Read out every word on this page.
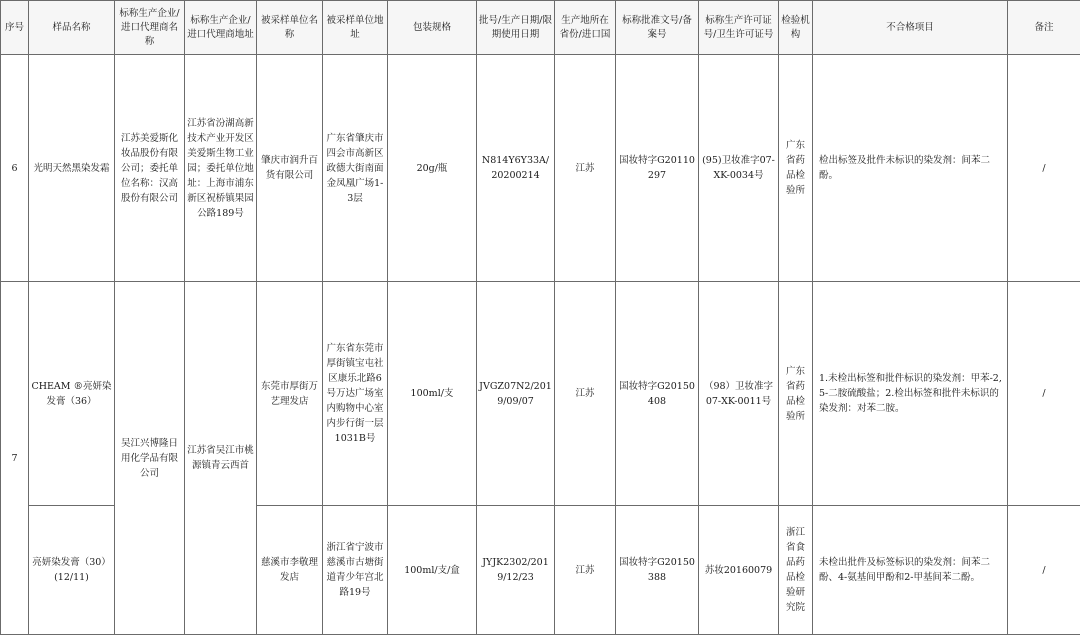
序号	样品名称	标称生产企业/进口代理商名称	标称生产企业/进口代理商地址	被采样单位名称	被采样单位地址	包装规格	批号/生产日期/限期使用日期	生产地所在省份/进口国	标称批准文号/备案号	标称生产许可证号/卫生许可证号	检验机构	不合格项目	备注
6	光明天然黑染发霜	江苏美爱斯化妆品股份有限公司；委托单位名称：汉高股份有限公司	江苏省汾湖高新技术产业开发区美爱斯生物工业园；委托单位地址：上海市浦东新区祝桥镇果园公路189号	肇庆市润升百货有限公司	广东省肇庆市四会市高新区政德大街南面金凤凰广场1-3层	20g/瓶	N814Y6Y33A/20200214	江苏	国妆特字G20110297	(95)卫妆准字07-XK-0034号	广东省药品检验所	检出标签及批件未标识的染发剂：间苯二酚。	/
7	CHEAM ®亮妍染发膏（36）	吴江兴博隆日用化学品有限公司	江苏省吴江市桃源镇青云西首	东莞市厚街万艺理发店	广东省东莞市厚街镇宝屯社区康乐北路6号万达广场室内购物中心室内步行街一层1031B号	100ml/支	JVGZ07N2/2019/09/07	江苏	国妆特字G20150408	（98）卫妆准字07-XK-0011号	广东省药品检验所	1.未检出标签和批件标识的染发剂：甲苯-2,5-二胺硫酸盐；2.检出标签和批件未标识的染发剂：对苯二胺。	/
	亮妍染发膏（30）(12/11)			慈溪市李敬理发店	浙江省宁波市慈溪市古塘街道青少年宫北路19号	100ml/支/盒	JYJK2302/2019/12/23	江苏	国妆特字G20150388	苏妆20160079	浙江省食品药品检验研究院	未检出批件及标签标识的染发剂：间苯二酚、4-氨基间甲酚和2-甲基间苯二酚。	/
